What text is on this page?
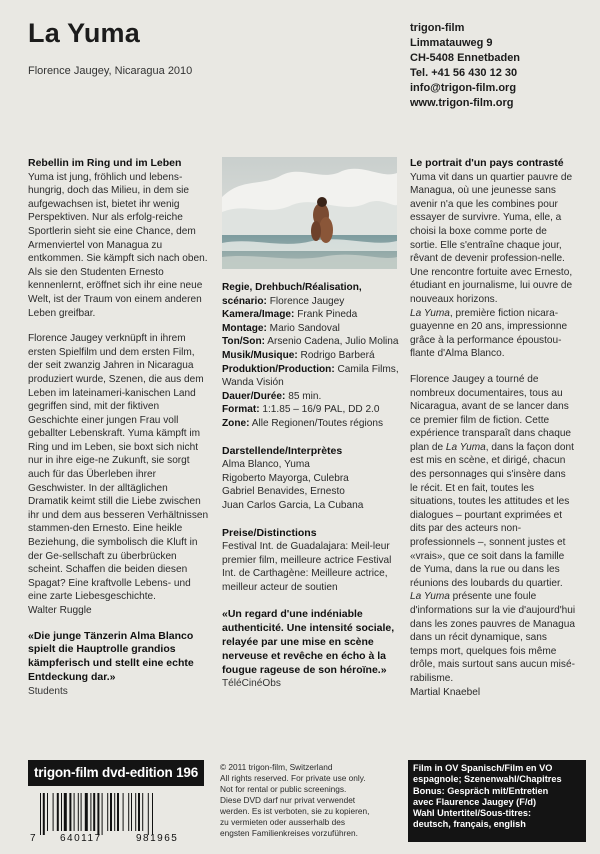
La Yuma
Florence Jaugey, Nicaragua 2010
trigon-film
Limmatauweg 9
CH-5408 Ennetbaden
Tel. +41 56 430 12 30
info@trigon-film.org
www.trigon-film.org
Rebellin im Ring und im Leben

Yuma ist jung, fröhlich und lebens-hungrig, doch das Milieu, in dem sie aufgewachsen ist, bietet ihr wenig Perspektiven. Nur als erfolg-reiche Sportlerin sieht sie eine Chance, dem Armenviertel von Managua zu entkommen. Sie kämpft sich nach oben. Als sie den Studenten Ernesto kennenlernt, eröffnet sich ihr eine neue Welt, ist der Traum von einem anderen Leben greifbar.

Florence Jaugey verknüpft in ihrem ersten Spielfilm und dem ersten Film, der seit zwanzig Jahren in Nicaragua produziert wurde, Szenen, die aus dem Leben im lateinameri-kanischen Land gegriffen sind, mit der fiktiven Geschichte einer jungen Frau voll geballter Lebenskraft. Yuma kämpft im Ring und im Leben, sie boxt sich nicht nur in ihre eige-ne Zukunft, sie sorgt auch für das Überleben ihrer Geschwister. In der alltäglichen Dramatik keimt still die Liebe zwischen ihr und dem aus besseren Verhältnissen stammen-den Ernesto. Eine heikle Beziehung, die symbolisch die Kluft in der Ge-sellschaft zu überbrücken scheint. Schaffen die beiden diesen Spagat? Eine kraftvolle Lebens- und eine zarte Liebesgeschichte.
Walter Ruggle

«Die junge Tänzerin Alma Blanco spielt die Hauptrolle grandios kämpferisch und stellt eine echte Entdeckung dar.»
Students
Regie, Drehbuch/Réalisation, scénario: Florence Jaugey
Kamera/Image: Frank Pineda
Montage: Mario Sandoval
Ton/Son: Arsenio Cadena, Julio Molina
Musik/Musique: Rodrigo Barberá
Produktion/Production: Camila Films, Wanda Visión
Dauer/Durée: 85 min.
Format: 1:1.85 – 16/9 PAL, DD 2.0
Zone: Alle Regionen/Toutes régions
Darstellende/Interprètes
Alma Blanco, Yuma
Rigoberto Mayorga, Culebra
Gabriel Benavides, Ernesto
Juan Carlos Garcia, La Cubana
Preise/Distinctions
Festival Int. de Guadalajara: Meil-leur premier film, meilleure actrice Festival Int. de Carthagène: Meilleure actrice, meilleur acteur de soutien
«Un regard d'une indéniable authenticité. Une intensité sociale, relayée par une mise en scène nerveuse et revêche en écho à la fougue rageuse de son héroïne.»
TéléCinéObs
Le portrait d'un pays contrasté

Yuma vit dans un quartier pauvre de Managua, où une jeunesse sans avenir n'a que les combines pour essayer de survivre. Yuma, elle, a choisi la boxe comme porte de sortie. Elle s'entraîne chaque jour, rêvant de devenir profession-nelle. Une rencontre fortuite avec Ernesto, étudiant en journalisme, lui ouvre de nouveaux horizons.
La Yuma, première fiction nicara-guayenne en 20 ans, impressionne grâce à la performance époustou-flante d'Alma Blanco.

Florence Jaugey a tourné de nombreux documentaires, tous au Nicaragua, avant de se lancer dans ce premier film de fiction. Cette expérience transparaît dans chaque plan de La Yuma, dans la façon dont est mis en scène, et dirigé, chacun des personnages qui s'insère dans le récit. Et en fait, toutes les situations, toutes les attitudes et les dialogues – pourtant exprimées et dits par des acteurs non-professionnels –, sonnent justes et «vrais», que ce soit dans la famille de Yuma, dans la rue ou dans les réunions des loubards du quartier. La Yuma présente une foule d'informations sur la vie d'aujourd'hui dans les zones pauvres de Managua dans un récit dynamique, sans temps mort, quelques fois même drôle, mais surtout sans aucun misé-rabilisme.
Martial Knaebel

trigon-film dvd-edition 196
7 640117	981965
© 2011 trigon-film, Switzerland
All rights reserved. For private use only.
Not for rental or public screenings.
Diese DVD darf nur privat verwendet
werden. Es ist verboten, sie zu kopieren,
zu vermieten oder ausserhalb des
engsten Familienkreises vorzuführen.
Film in OV Spanisch/Film en VO
espagnole; Szenenwahl/Chapitres
Bonus: Gespräch mit/Entretien
avec Flaurence Jaugey (F/d)
Wahl Untertitel/Sous-titres:
deutsch, français, english
